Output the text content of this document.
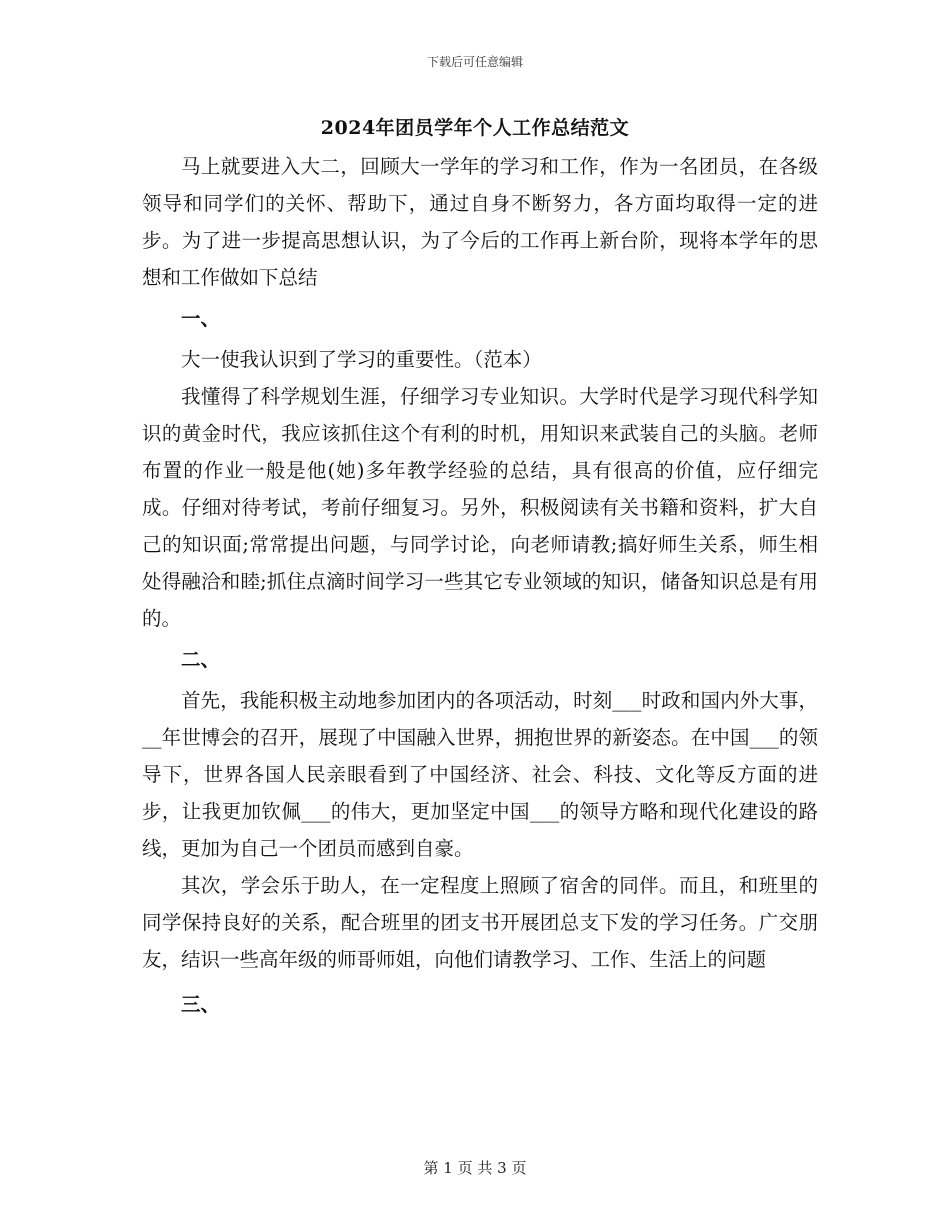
下载后可任意编辑
2024年团员学年个人工作总结范文

马上就要进入大二，回顾大一学年的学习和工作，作为一名团员，在各级领导和同学们的关怀、帮助下，通过自身不断努力，各方面均取得一定的进步。为了进一步提高思想认识，为了今后的工作再上新台阶，现将本学年的思想和工作做如下总结

一、

大一使我认识到了学习的重要性。（范本）

我懂得了科学规划生涯，仔细学习专业知识。大学时代是学习现代科学知识的黄金时代，我应该抓住这个有利的时机，用知识来武装自己的头脑。老师布置的作业一般是他(她)多年教学经验的总结，具有很高的价值，应仔细完成。仔细对待考试，考前仔细复习。另外，积极阅读有关书籍和资料，扩大自己的知识面;常常提出问题，与同学讨论，向老师请教;搞好师生关系，师生相处得融洽和睦;抓住点滴时间学习一些其它专业领域的知识，储备知识总是有用的。

二、

首先，我能积极主动地参加团内的各项活动，时刻___时政和国内外大事，__年世博会的召开，展现了中国融入世界，拥抱世界的新姿态。在中国___的领导下，世界各国人民亲眼看到了中国经济、社会、科技、文化等反方面的进步，让我更加钦佩___的伟大，更加坚定中国___的领导方略和现代化建设的路线，更加为自己一个团员而感到自豪。

其次，学会乐于助人，在一定程度上照顾了宿舍的同伴。而且，和班里的同学保持良好的关系，配合班里的团支书开展团总支下发的学习任务。广交朋友，结识一些高年级的师哥师姐，向他们请教学习、工作、生活上的问题

三、

第 1 页 共 3 页
